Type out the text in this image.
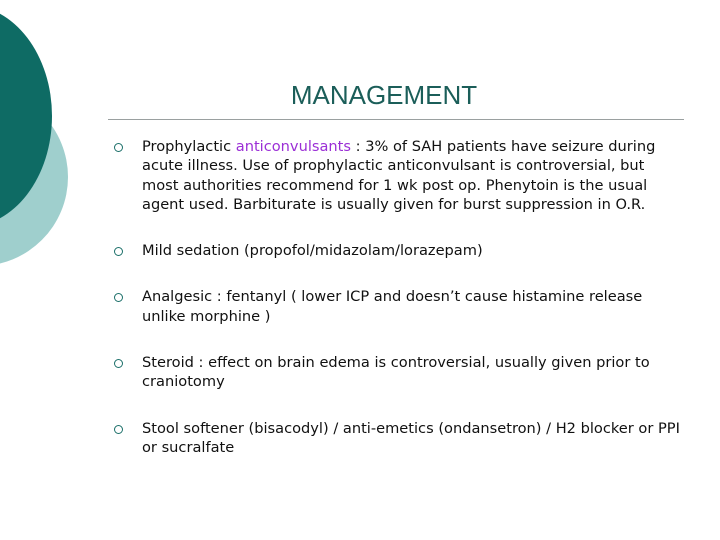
MANAGEMENT
Prophylactic anticonvulsants : 3% of SAH patients have seizure during acute illness. Use of prophylactic anticonvulsant is controversial, but most authorities recommend for 1 wk post op. Phenytoin is the usual agent used. Barbiturate is usually given for burst suppression in O.R.
Mild sedation (propofol/midazolam/lorazepam)
Analgesic : fentanyl ( lower ICP and doesn’t cause histamine release unlike morphine )
Steroid : effect on brain edema is controversial, usually given prior to craniotomy
Stool softener (bisacodyl) / anti-emetics (ondansetron) / H2 blocker or PPI or sucralfate
